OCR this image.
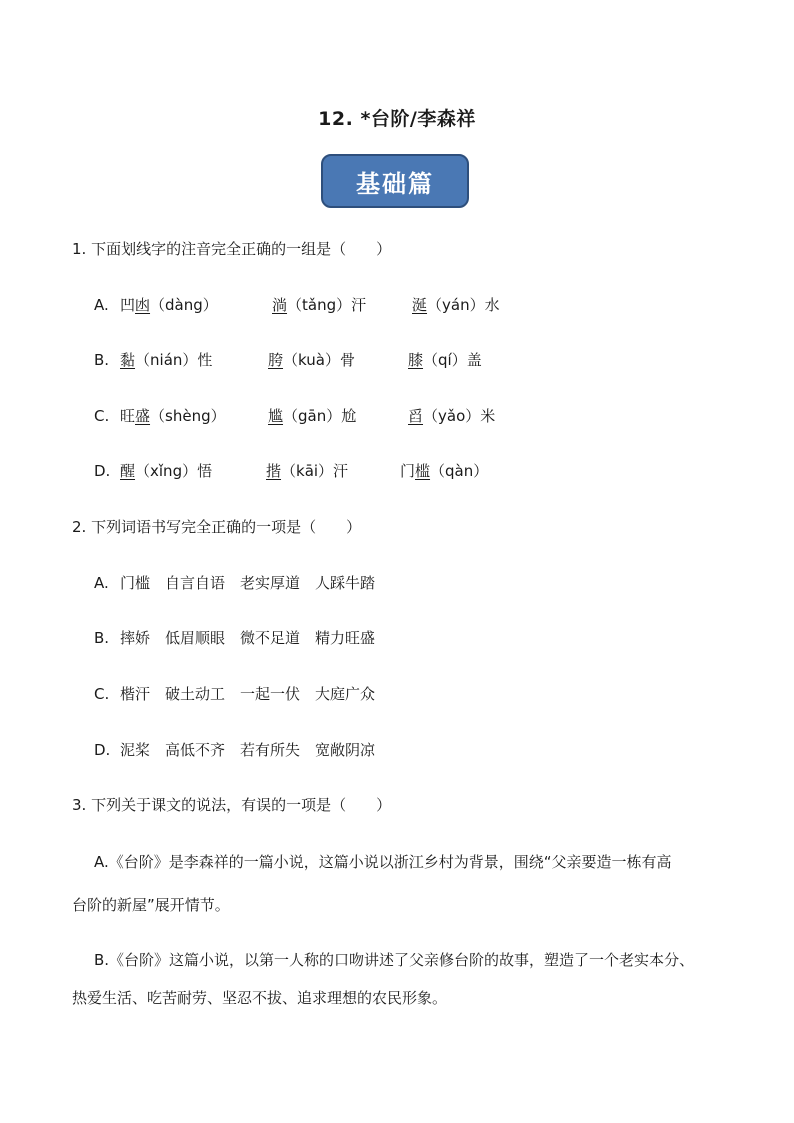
12. *台阶/李森祥
基础篇
1. 下面划线字的注音完全正确的一组是（　　）
A. 凹凼（dàng）	淌（tǎng）汗	涎（yán）水
B. 黏（nián）性	胯（kuà）骨	膝（qí）盖
C. 旺盛（shèng）	尴（gān）尬	舀（yǎo）米
D. 醒（xǐng）悟	揩（kāi）汗	门槛（qàn）
2. 下列词语书写完全正确的一项是（　　）
A. 门槛　自言自语　老实厚道　人踩牛踏
B. 摔娇　低眉顺眼　微不足道　精力旺盛
C. 楷汗　破土动工　一起一伏　大庭广众
D. 泥桨　高低不齐　若有所失　宽敞阴凉
3. 下列关于课文的说法，有误的一项是（　　）
A.《台阶》是李森祥的一篇小说，这篇小说以浙江乡村为背景，围绕“父亲要造一栋有高
台阶的新屋”展开情节。
B.《台阶》这篇小说，以第一人称的口吻讲述了父亲修台阶的故事，塑造了一个老实本分、
热爱生活、吃苦耐劳、坚忍不拔、追求理想的农民形象。
